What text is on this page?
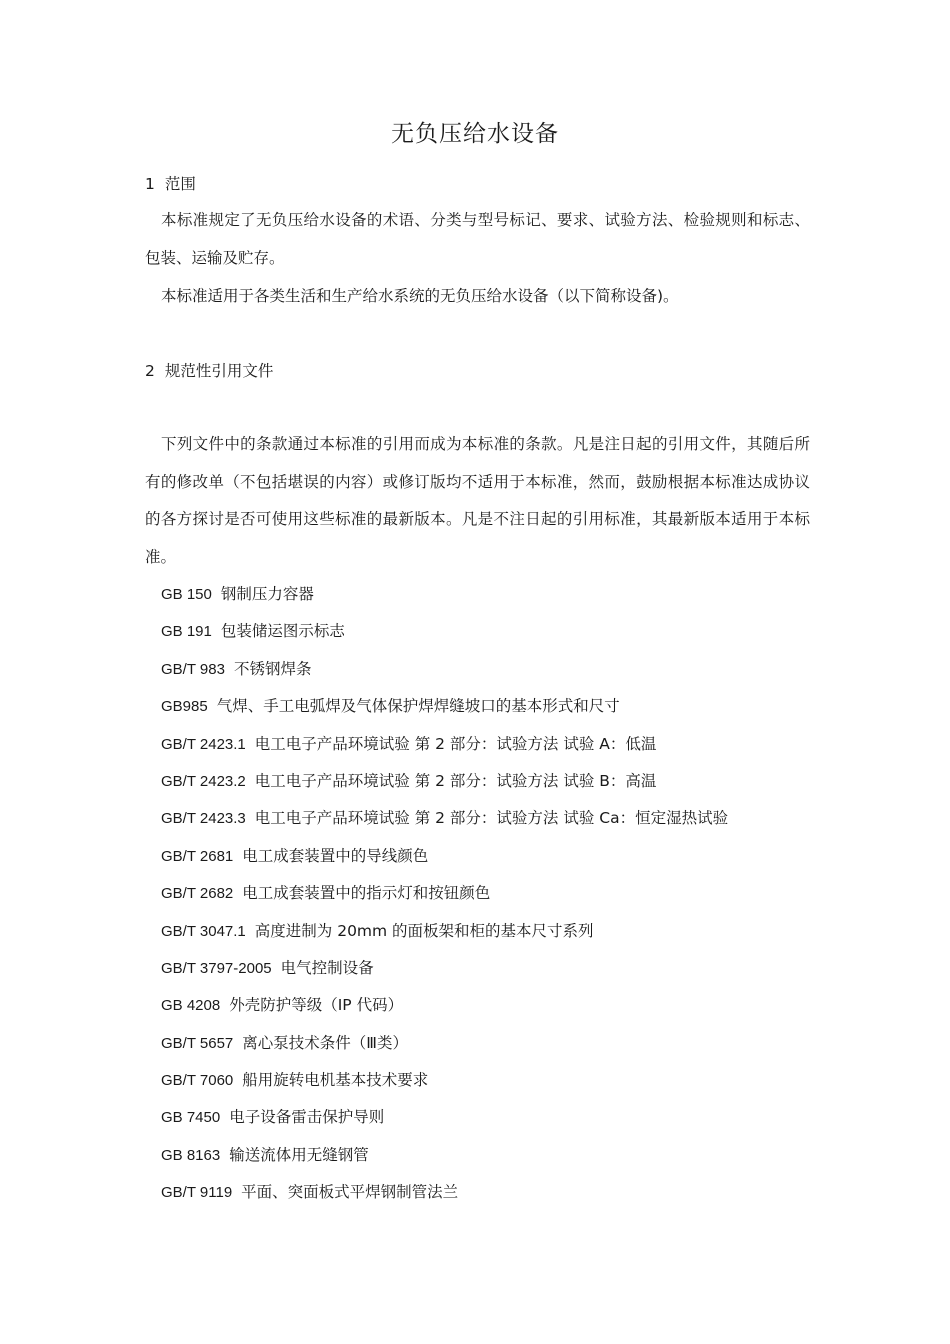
无负压给水设备
1 范围
本标准规定了无负压给水设备的术语、分类与型号标记、要求、试验方法、检验规则和标志、包装、运输及贮存。
本标准适用于各类生活和生产给水系统的无负压给水设备（以下简称设备)。
2 规范性引用文件
下列文件中的条款通过本标准的引用而成为本标准的条款。凡是注日起的引用文件，其随后所有的修改单（不包括堪误的内容）或修订版均不适用于本标准，然而，鼓励根据本标准达成协议的各方探讨是否可使用这些标准的最新版本。凡是不注日起的引用标准，其最新版本适用于本标准。
GB 150 钢制压力容器
GB 191 包装储运图示标志
GB/T 983 不锈钢焊条
GB985 气焊、手工电弧焊及气体保护焊焊缝坡口的基本形式和尺寸
GB/T 2423.1 电工电子产品环境试验 第 2 部分：试验方法 试验 A：低温
GB/T 2423.2 电工电子产品环境试验 第 2 部分：试验方法 试验 B：高温
GB/T 2423.3 电工电子产品环境试验 第 2 部分：试验方法 试验 Ca：恒定湿热试验
GB/T 2681 电工成套装置中的导线颜色
GB/T 2682 电工成套装置中的指示灯和按钮颜色
GB/T 3047.1 高度进制为 20mm 的面板架和柜的基本尺寸系列
GB/T 3797-2005 电气控制设备
GB 4208 外壳防护等级（IP 代码）
GB/T 5657 离心泵技术条件（Ⅲ类）
GB/T 7060 船用旋转电机基本技术要求
GB 7450 电子设备雷击保护导则
GB 8163 输送流体用无缝钢管
GB/T 9119 平面、突面板式平焊钢制管法兰
